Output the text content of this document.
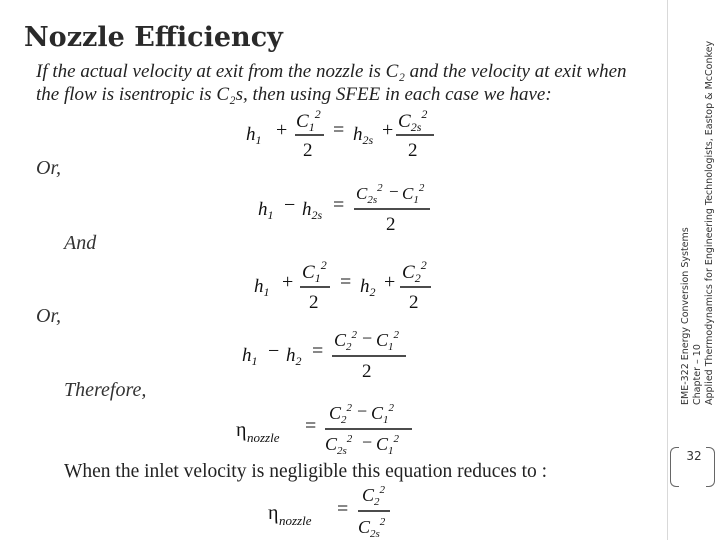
Nozzle Efficiency
If the actual velocity at exit from the nozzle is C₂ and the velocity at exit when the flow is isentropic is C₂s, then using SFEE in each case we have:
$h_1 + C_1^2$
2
= $h_{2s} + C_{2s}^2$
2
Or,
$h_1 - h_{2s}$ =
$C_{2s}^2 - C_1^2$
2
And
$h_1 + C_1^2$
2
= $h_2 + C_2^2$
2
Or,
$h_1 - h_2 = C_2^2 - C_1^2$
2
Therefore,
η nozzle
=
$C_2^2 - C_1^2$
$C_{2s}^2 - C_1^2$
When the inlet velocity is negligible this equation reduces to :
η nozzle
=
$C_2^2$
$C_{2s}^2$
EME-322 Energy Conversion Systems Chapter – 10 Applied Thermodynamics for Engineering Technologists, Eastop & McConkey
32
